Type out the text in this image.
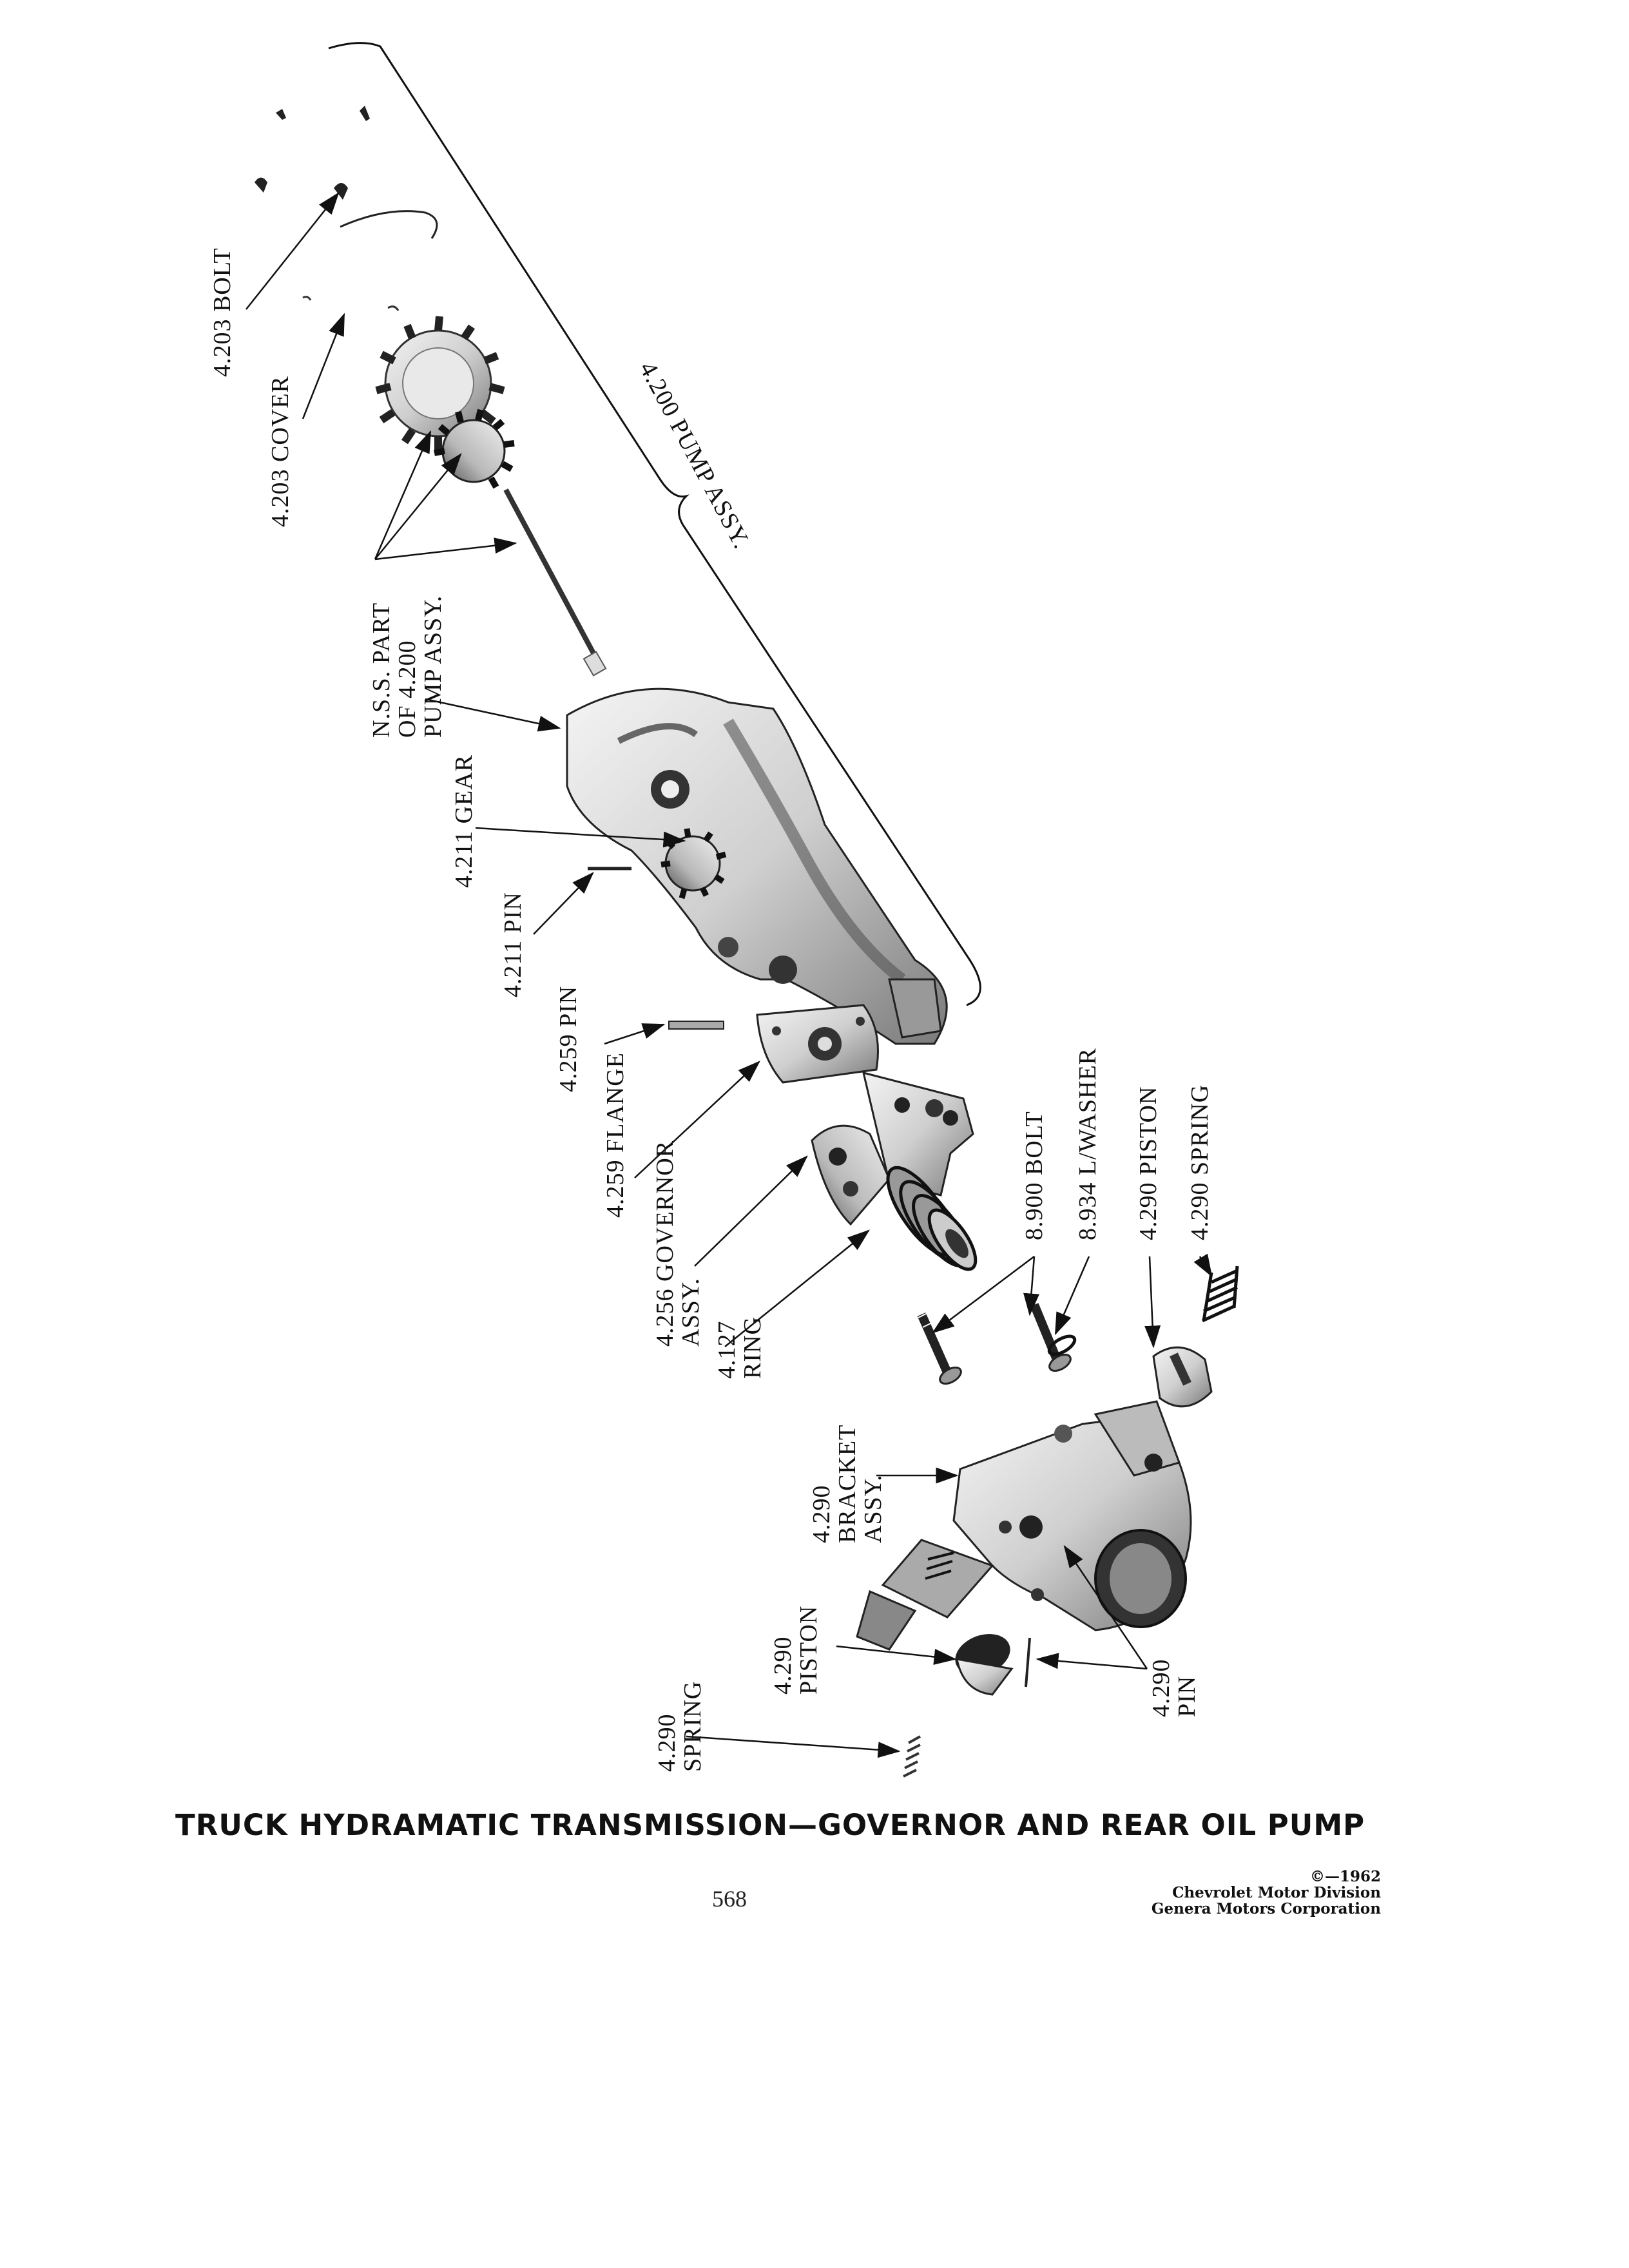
4.203 BOLT
4.203 COVER
N.S.S. PART
OF 4.200
PUMP ASSY.
4.211 GEAR
4.211 PIN
4.259 PIN
4.259 FLANGE
4.256 GOVERNOR
ASSY.
4.127
RING
8.900 BOLT 8.934 L/WASHER 4.290 PISTON 4.290 SPRING
4.290
BRACKET
ASSY.
4.290
PISTON
4.290
SPRING	4.290
PIN
4.200 PUMP ASSY.
TRUCK HYDRAMATIC TRANSMISSION—GOVERNOR AND REAR OIL PUMP
568
©—1962
Chevrolet Motor Division
Genera Motors Corporation
